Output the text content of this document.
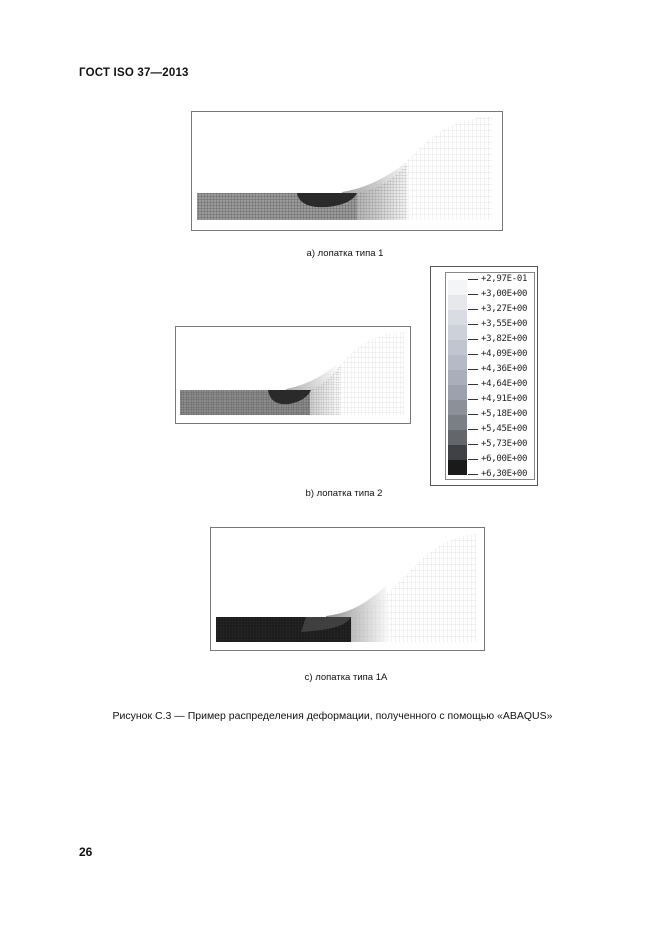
ГОСТ ISO 37—2013
а) лопатка типа 1
b) лопатка типа 2
+2,97E-01
+3,00E+00
+3,27E+00
+3,55E+00
+3,82E+00
+4,09E+00
+4,36E+00
+4,64E+00
+4,91E+00
+5,18E+00
+5,45E+00
+5,73E+00
+6,00E+00
+6,30E+00
с) лопатка типа 1А
Рисунок С.3 — Пример распределения деформации, полученного с помощью «ABAQUS»
26
